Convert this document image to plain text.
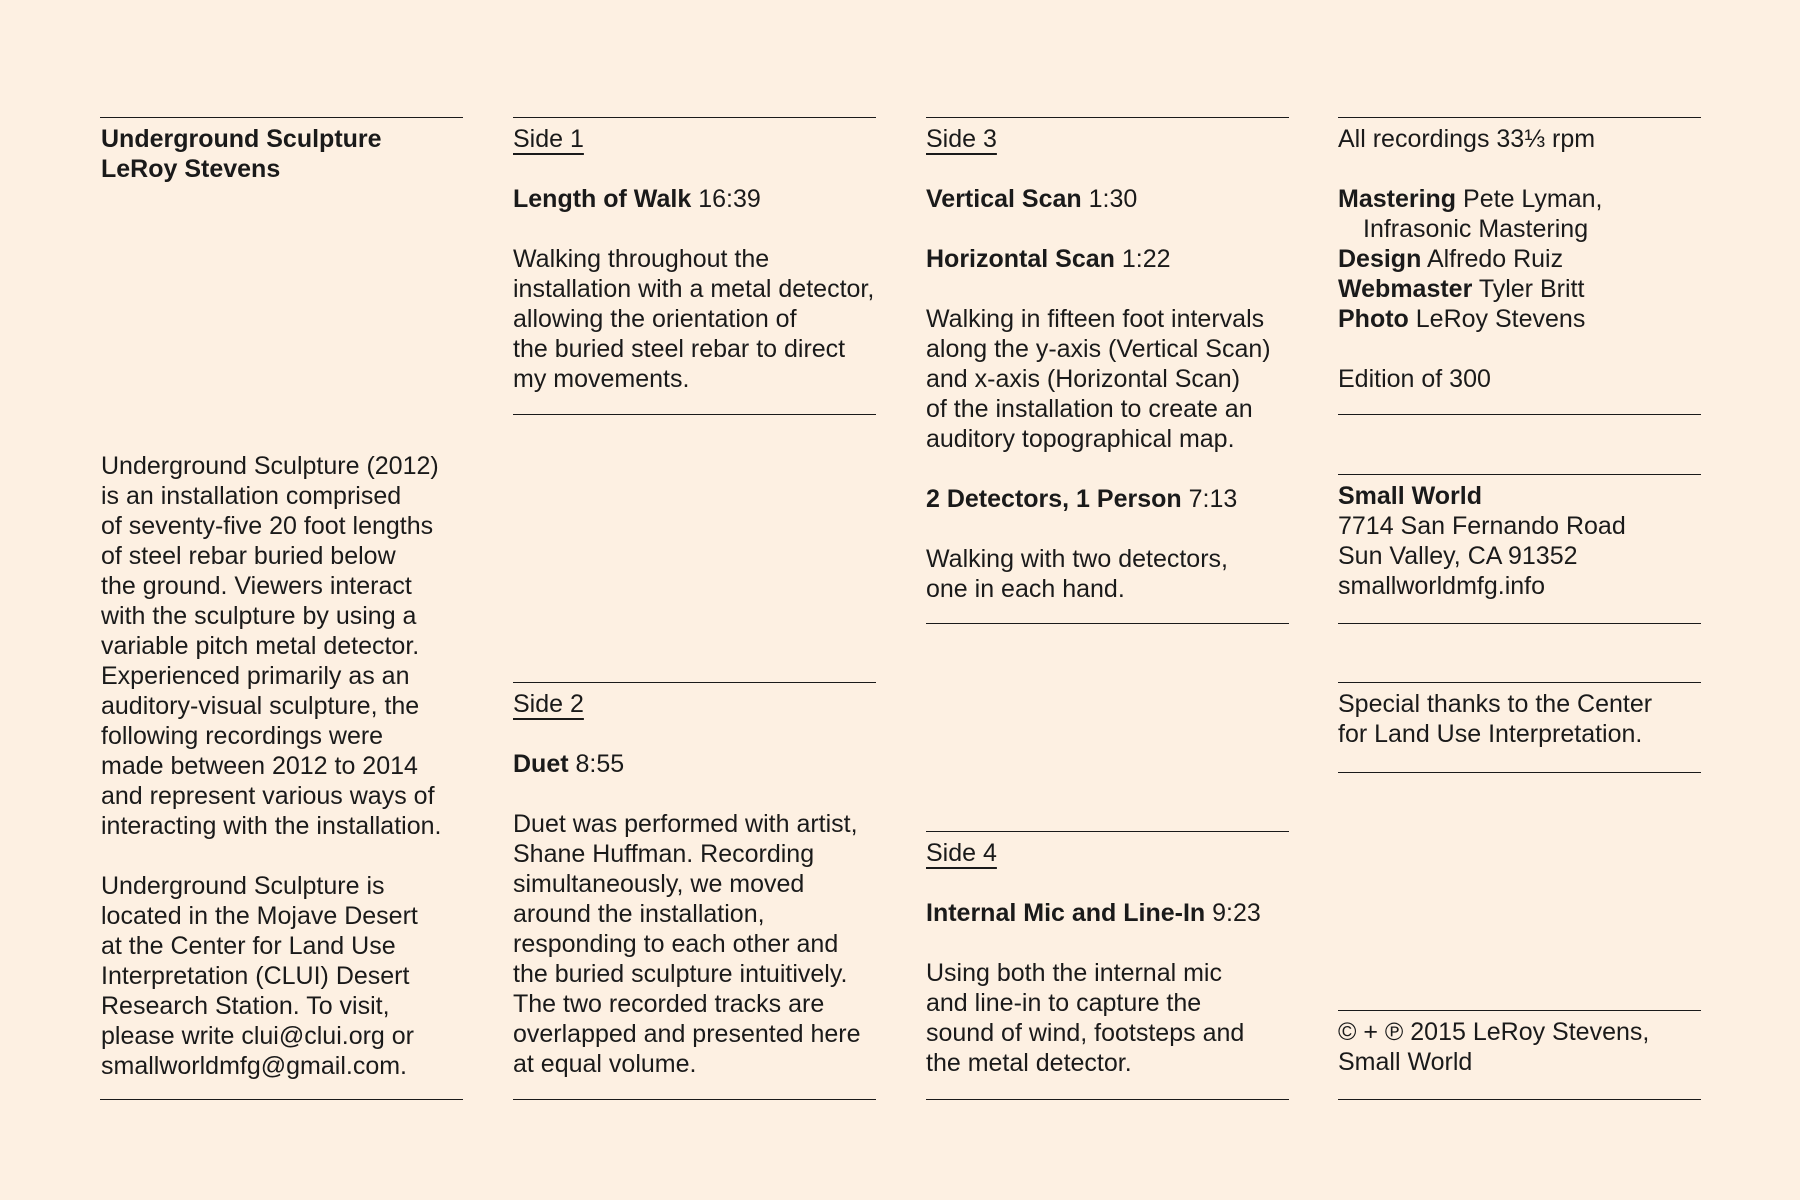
Underground Sculpture

LeRoy Stevens

Underground Sculpture (2012)

is an installation comprised

of seventy-five 20 foot lengths

of steel rebar buried below

the ground. Viewers interact

with the sculpture by using a

variable pitch metal detector.

Experienced primarily as an

auditory-visual sculpture, the

following recordings were

made between 2012 to 2014

and represent various ways of

interacting with the installation.

Underground Sculpture is

located in the Mojave Desert

at the Center for Land Use

Interpretation (CLUI) Desert

Research Station. To visit,

please write clui@clui.org or

smallworldmfg@gmail.com.

Side 1

Length of Walk 16:39

Walking throughout the

installation with a metal detector,

allowing the orientation of

the buried steel rebar to direct

my movements.

Side 2

Duet 8:55

Duet was performed with artist,

Shane Huffman. Recording

simultaneously, we moved

around the installation,

responding to each other and

the buried sculpture intuitively.

The two recorded tracks are

overlapped and presented here

at equal volume.

Side 3

Vertical Scan 1:30

Horizontal Scan 1:22

Walking in fifteen foot intervals

along the y-axis (Vertical Scan)

and x-axis (Horizontal Scan)

of the installation to create an

auditory topographical map.

2 Detectors, 1 Person 7:13

Walking with two detectors,

one in each hand.

Side 4

Internal Mic and Line-In 9:23

Using both the internal mic

and line-in to capture the

sound of wind, footsteps and

the metal detector.

All recordings 33⅓ rpm

Mastering Pete Lyman,

Infrasonic Mastering

Design Alfredo Ruiz

Webmaster Tyler Britt

Photo LeRoy Stevens

Edition of 300

Small World

7714 San Fernando Road

Sun Valley, CA 91352

smallworldmfg.info

Special thanks to the Center

for Land Use Interpretation.

© + ℗ 2015 LeRoy Stevens,

Small World
